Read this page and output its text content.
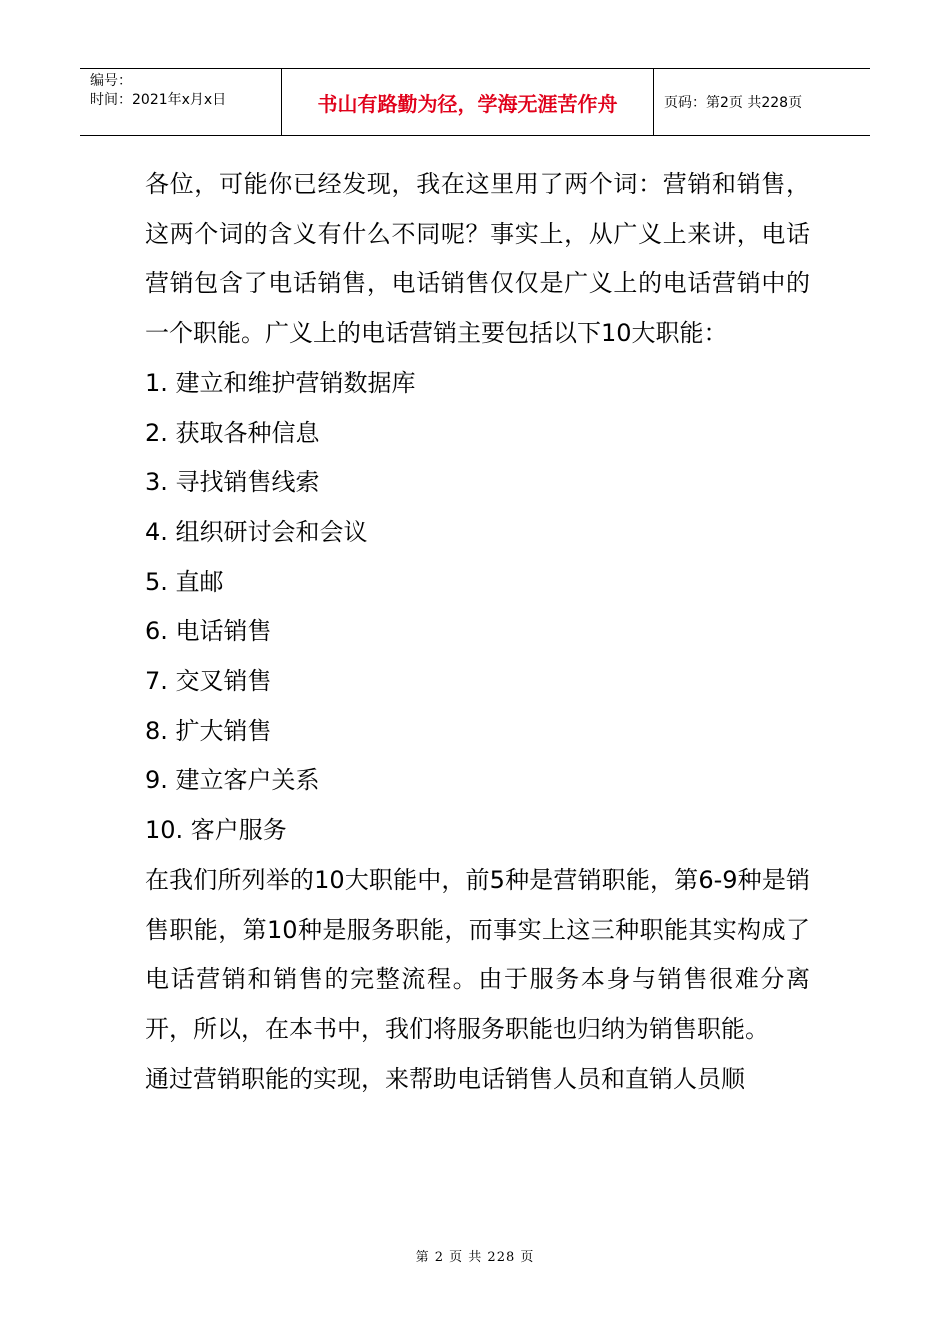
编号：
时间：2021年x月x日	书山有路勤为径，学海无涯苦作舟	页码：第2页 共228页

各位，可能你已经发现，我在这里用了两个词：营销和销售，这两个词的含义有什么不同呢？事实上，从广义上来讲，电话营销包含了电话销售，电话销售仅仅是广义上的电话营销中的一个职能。广义上的电话营销主要包括以下10大职能：

1. 建立和维护营销数据库

2. 获取各种信息

3. 寻找销售线索

4. 组织研讨会和会议

5. 直邮

6. 电话销售

7. 交叉销售

8. 扩大销售

9. 建立客户关系

10. 客户服务

在我们所列举的10大职能中，前5种是营销职能，第6-9种是销售职能，第10种是服务职能，而事实上这三种职能其实构成了电话营销和销售的完整流程。由于服务本身与销售很难分离开，所以，在本书中，我们将服务职能也归纳为销售职能。

通过营销职能的实现，来帮助电话销售人员和直销人员顺

第 2 页 共 228 页
